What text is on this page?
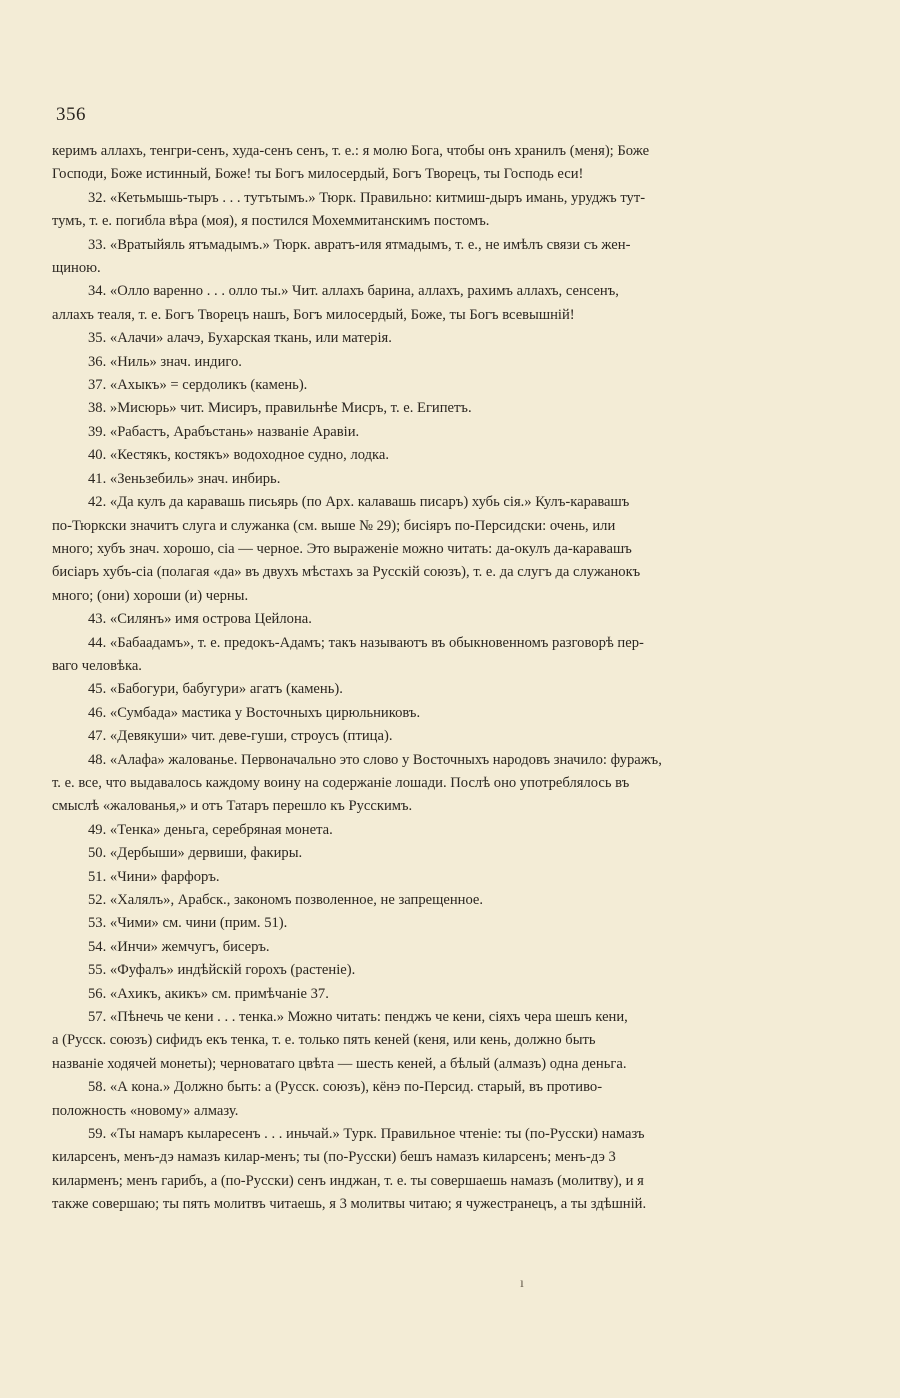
356
керимъ аллахъ, тенгри-сенъ, худа-сенъ сенъ, т. е.: я молю Бога, чтобы онъ хранилъ (меня); Боже
Господи, Боже истинный, Боже! ты Богъ милосердый, Богъ Творецъ, ты Господь еси!
32. «Кетьмышь-тыръ . . . тутътымъ.» Тюрк. Правильно: китмиш-дыръ имань, уруджъ тут-
тумъ, т. е. погибла вѣра (моя), я постился Мохеммитанскимъ постомъ.
33. «Вратыйяль ятъмадымъ.» Тюрк. авратъ-иля ятмадымъ, т. е., не имѣлъ связи съ жен-
щиною.
34. «Олло варенно . . . олло ты.» Чит. аллахъ барина, аллахъ, рахимъ аллахъ, сенсенъ,
аллахъ теаля, т. е. Богъ Творецъ нашъ, Богъ милосердый, Боже, ты Богъ всевышній!
35. «Алачи» алачэ, Бухарская ткань, или матерія.
36. «Ниль» знач. индиго.
37. «Ахыкъ» = сердоликъ (камень).
38. »Мисюрь» чит. Мисиръ, правильнѣе Мисръ, т. е. Египетъ.
39. «Рабастъ, Арабъстань» названіе Аравіи.
40. «Кестякъ, костякъ» водоходное судно, лодка.
41. «Зеньзебиль» знач. инбирь.
42. «Да кулъ да каравашь письярь (по Арх. калавашь писаръ) хубь сія.» Кулъ-каравашъ
по-Тюркски значитъ слуга и служанка (см. выше № 29); бисіяръ по-Персидски: очень, или
много; хубъ знач. хорошо, сіа — черное. Это выраженіе можно читать: да-окулъ да-каравашъ
бисіаръ хубъ-сіа (полагая «да» въ двухъ мѣстахъ за Русскій союзъ), т. е. да слугъ да служанокъ
много; (они) хороши (и) черны.
43. «Силянъ» имя острова Цейлона.
44. «Бабаадамъ», т. е. предокъ-Адамъ; такъ называютъ въ обыкновенномъ разговорѣ пер-
ваго человѣка.
45. «Бабогури, бабугури» агатъ (камень).
46. «Сумбада» мастика у Восточныхъ цирюльниковъ.
47. «Девякуши» чит. деве-гуши, строусъ (птица).
48. «Алафа» жалованье. Первоначально это слово у Восточныхъ народовъ значило: фуражъ,
т. е. все, что выдавалось каждому воину на содержаніе лошади. Послѣ оно употреблялось въ
смыслѣ «жалованья,» и отъ Татаръ перешло къ Русскимъ.
49. «Тенка» деньга, серебряная монета.
50. «Дербыши» дервиши, факиры.
51. «Чини» фарфоръ.
52. «Халялъ», Арабск., закономъ позволенное, не запрещенное.
53. «Чими» см. чини (прим. 51).
54. «Инчи» жемчугъ, бисеръ.
55. «Фуфалъ» индѣйскій горохъ (растеніе).
56. «Ахикъ, акикъ» см. примѣчаніе 37.
57. «Пѣнечь че кени . . . тенка.» Можно читать: пенджъ че кени, сіяхъ чера шешъ кени,
а (Русск. союзъ) сифидъ екъ тенка, т. е. только пять кеней (кеня, или кень, должно быть
названіе ходячей монеты); черноватаго цвѣта — шесть кеней, а бѣлый (алмазъ) одна деньга.
58. «А кона.» Должно быть: а (Русск. союзъ), кёнэ по-Персид. старый, въ противо-
положность «новому» алмазу.
59. «Ты намаръ кыларесенъ . . . иньчай.» Турк. Правильное чтеніе: ты (по-Русски) намазъ
киларсенъ, менъ-дэ намазъ килар-менъ; ты (по-Русски) бешъ намазъ киларсенъ; менъ-дэ 3
киларменъ; менъ гарибъ, а (по-Русски) сенъ инджан, т. е. ты совершаешь намазъ (молитву), и я
также совершаю; ты пять молитвъ читаешь, я 3 молитвы читаю; я чужестранецъ, а ты здѣшній.
ı
